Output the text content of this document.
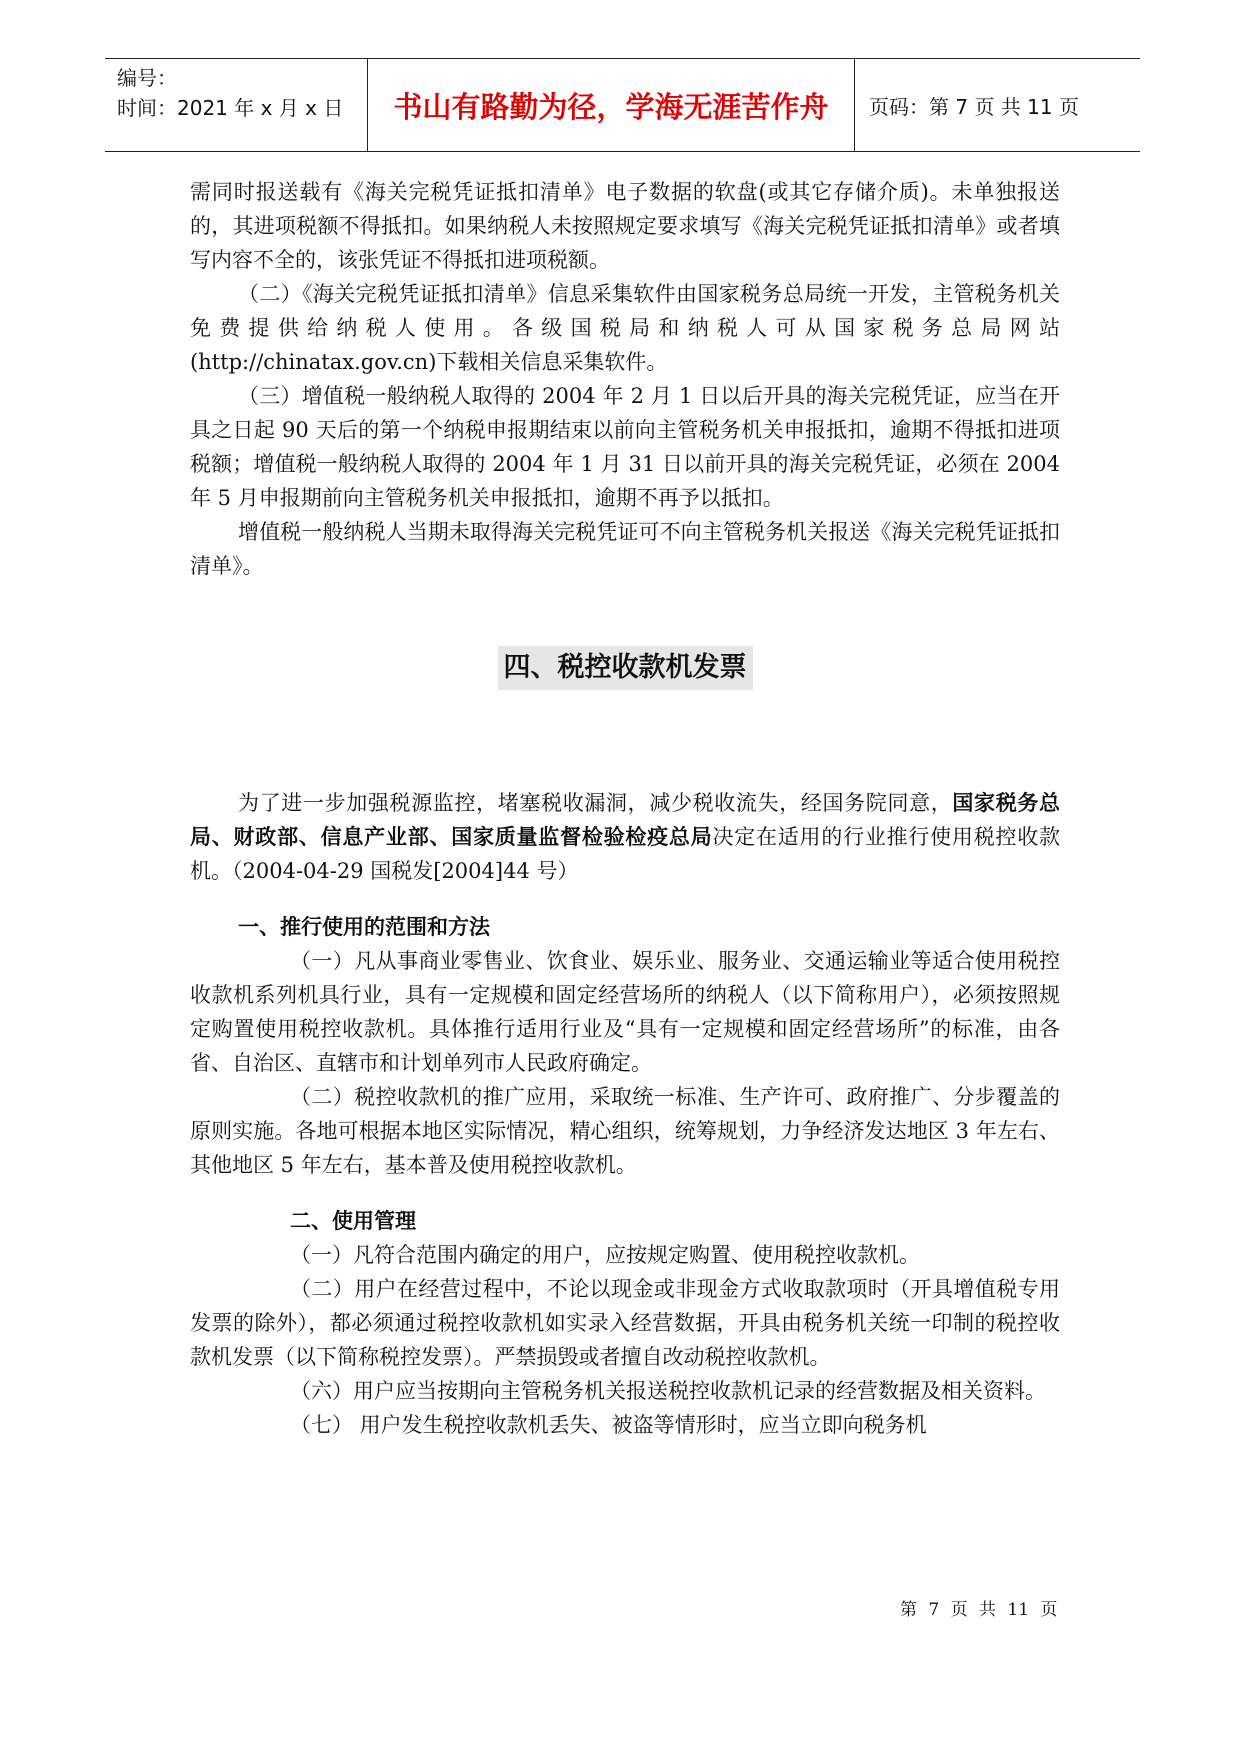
编号：
时间：2021 年 x 月 x 日	书山有路勤为径，学海无涯苦作舟	页码：第 7 页 共 11 页

需同时报送载有《海关完税凭证抵扣清单》电子数据的软盘(或其它存储介质)。未单独报送的，其进项税额不得抵扣。如果纳税人未按照规定要求填写《海关完税凭证抵扣清单》或者填写内容不全的，该张凭证不得抵扣进项税额。

（二）《海关完税凭证抵扣清单》信息采集软件由国家税务总局统一开发，主管税务机关免费提供给纳税人使用。各级国税局和纳税人可从国家税务总局网站(http://chinatax.gov.cn)下载相关信息采集软件。

（三）增值税一般纳税人取得的 2004 年 2 月 1 日以后开具的海关完税凭证，应当在开具之日起 90 天后的第一个纳税申报期结束以前向主管税务机关申报抵扣，逾期不得抵扣进项税额；增值税一般纳税人取得的 2004 年 1 月 31 日以前开具的海关完税凭证，必须在 2004 年 5 月申报期前向主管税务机关申报抵扣，逾期不再予以抵扣。

增值税一般纳税人当期未取得海关完税凭证可不向主管税务机关报送《海关完税凭证抵扣清单》。

四、税控收款机发票

为了进一步加强税源监控，堵塞税收漏洞，减少税收流失，经国务院同意，国家税务总局、财政部、信息产业部、国家质量监督检验检疫总局决定在适用的行业推行使用税控收款机。（2004-04-29 国税发[2004]44 号）

一、推行使用的范围和方法

（一）凡从事商业零售业、饮食业、娱乐业、服务业、交通运输业等适合使用税控收款机系列机具行业，具有一定规模和固定经营场所的纳税人（以下简称用户），必须按照规定购置使用税控收款机。具体推行适用行业及“具有一定规模和固定经营场所”的标准，由各省、自治区、直辖市和计划单列市人民政府确定。

（二）税控收款机的推广应用，采取统一标准、生产许可、政府推广、分步覆盖的原则实施。各地可根据本地区实际情况，精心组织，统筹规划，力争经济发达地区 3 年左右、其他地区 5 年左右，基本普及使用税控收款机。

二、使用管理

（一）凡符合范围内确定的用户，应按规定购置、使用税控收款机。

（二）用户在经营过程中，不论以现金或非现金方式收取款项时（开具增值税专用发票的除外），都必须通过税控收款机如实录入经营数据，开具由税务机关统一印制的税控收款机发票（以下简称税控发票）。严禁损毁或者擅自改动税控收款机。

（六）用户应当按期向主管税务机关报送税控收款机记录的经营数据及相关资料。

（七） 用户发生税控收款机丢失、被盗等情形时，应当立即向税务机

第 7 页 共 11 页
